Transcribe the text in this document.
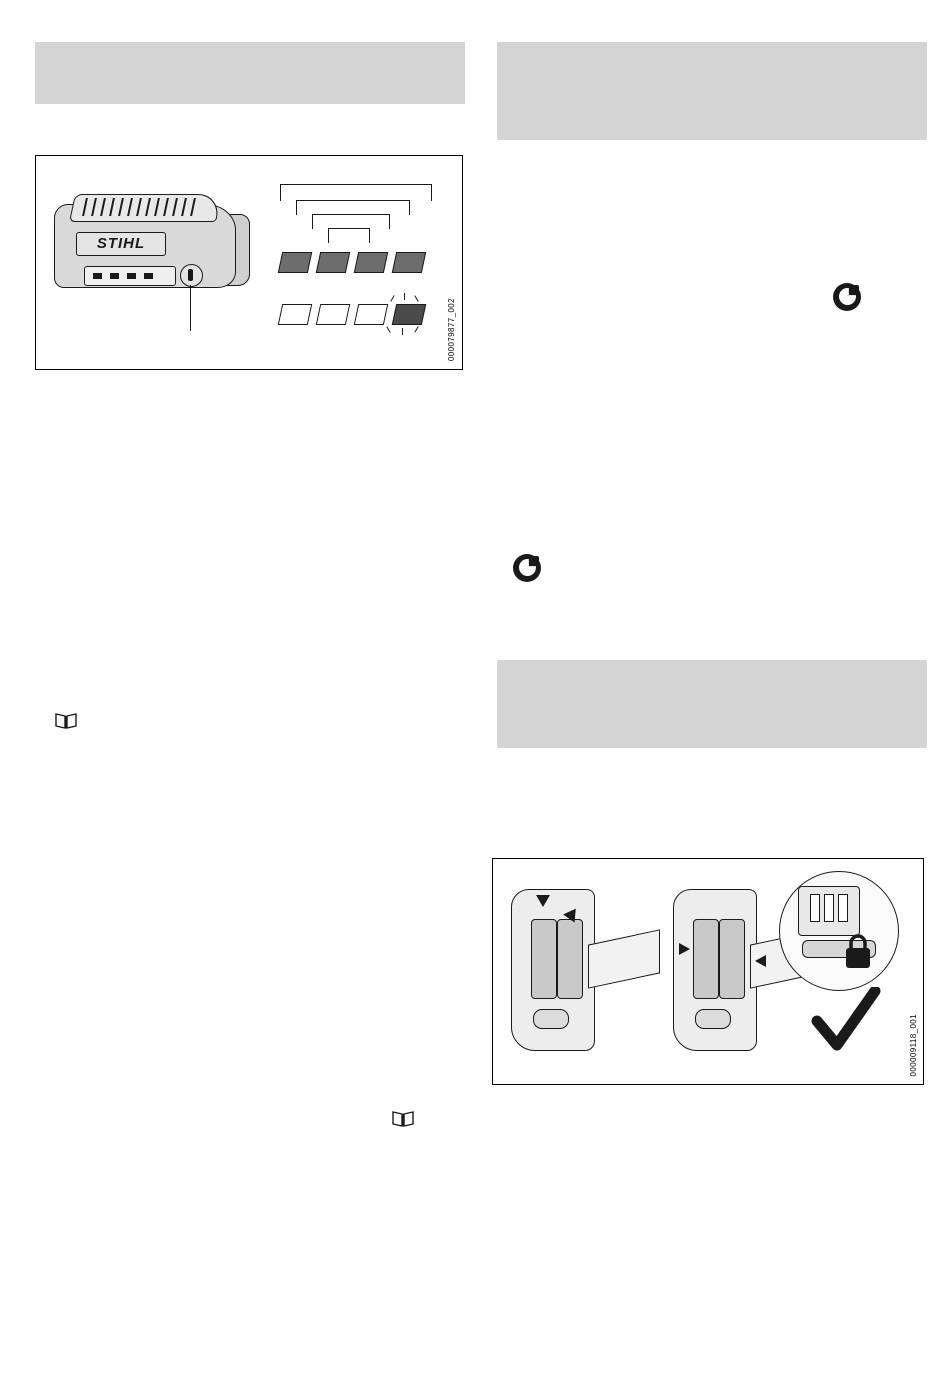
STIHL
000079877_002
000009118_001
